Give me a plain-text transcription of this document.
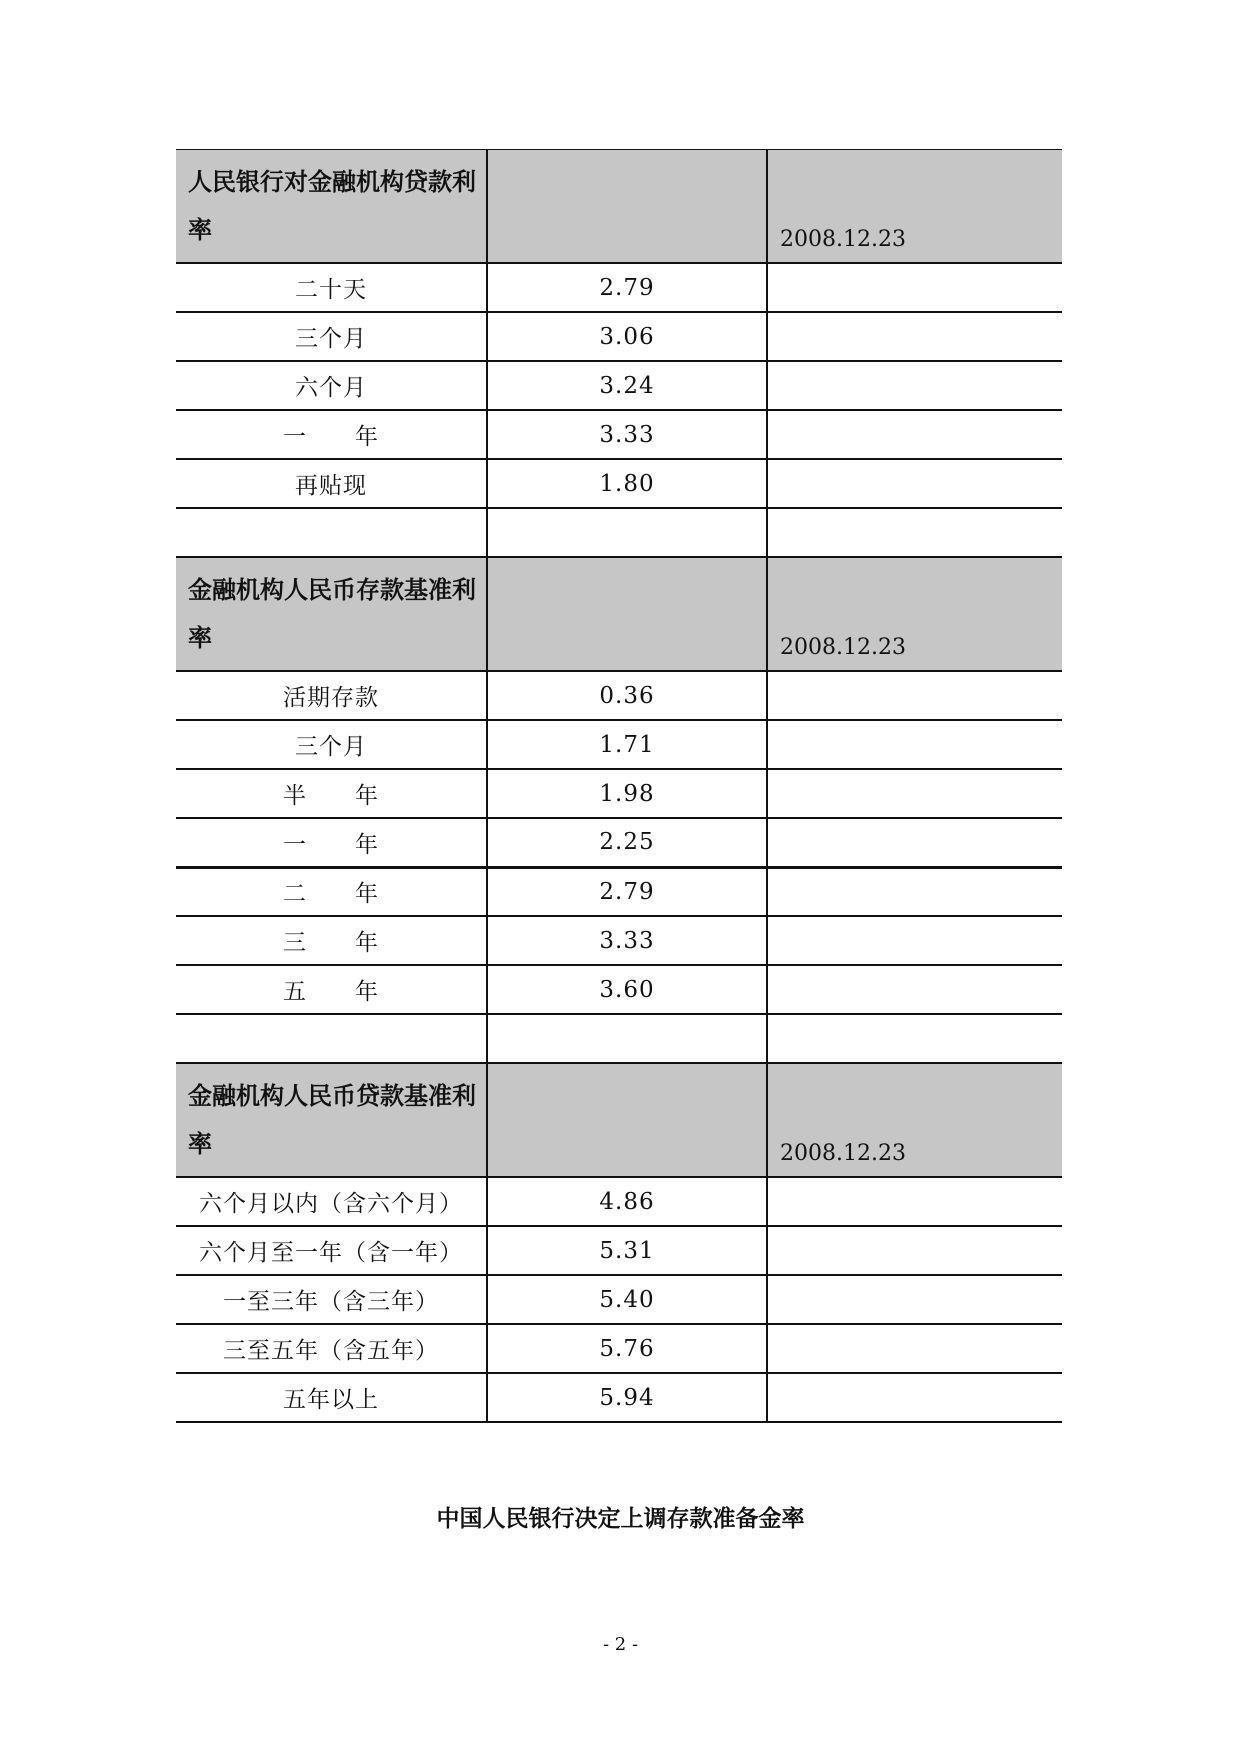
人民银行对金融机构贷款利率		2008.12.23
二十天	2.79	
三个月	3.06	
六个月	3.24	
一　　年	3.33	
再贴现	1.80	

金融机构人民币存款基准利率		2008.12.23
活期存款	0.36	
三个月	1.71	
半　　年	1.98	
一　　年	2.25	
二　　年	2.79	
三　　年	3.33	
五　　年	3.60	

金融机构人民币贷款基准利率		2008.12.23
六个月以内（含六个月）	4.86	
六个月至一年（含一年）	5.31	
一至三年（含三年）	5.40	
三至五年（含五年）	5.76	
五年以上	5.94	
中国人民银行决定上调存款准备金率
- 2 -
